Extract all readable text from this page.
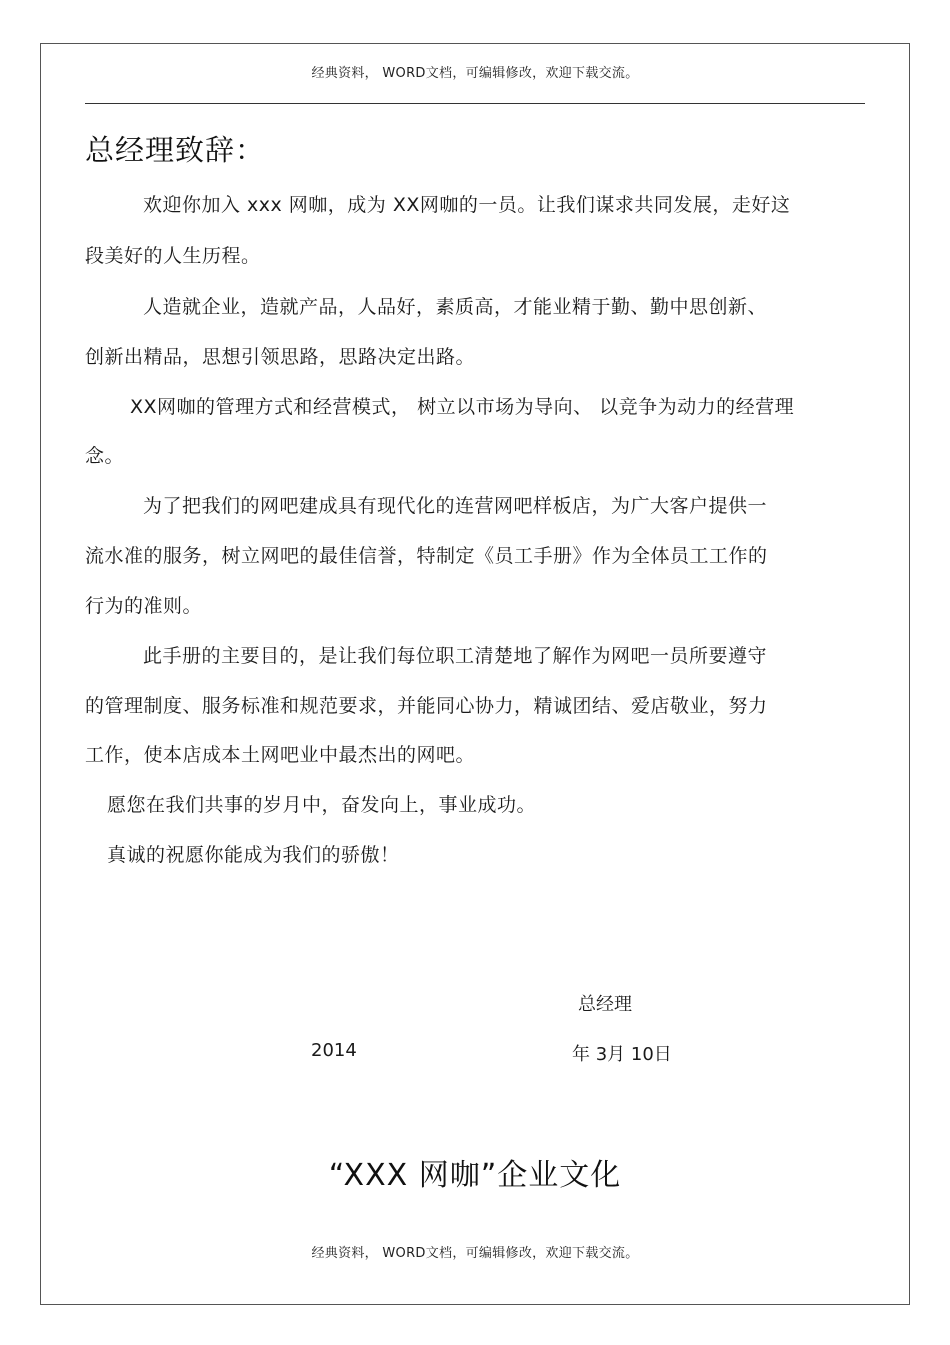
经典资料， WORD文档，可编辑修改，欢迎下载交流。
总经理致辞：
欢迎你加入 xxx 网咖，成为 XX网咖的一员。让我们谋求共同发展，走好这
段美好的人生历程。
人造就企业，造就产品，人品好，素质高，才能业精于勤、勤中思创新、
创新出精品，思想引领思路，思路决定出路。
XX网咖的管理方式和经营模式， 树立以市场为导向、 以竞争为动力的经营理
念。
为了把我们的网吧建成具有现代化的连营网吧样板店，为广大客户提供一
流水准的服务，树立网吧的最佳信誉，特制定《员工手册》作为全体员工工作的
行为的准则。
此手册的主要目的，是让我们每位职工清楚地了解作为网吧一员所要遵守
的管理制度、服务标准和规范要求，并能同心协力，精诚团结、爱店敬业，努力
工作，使本店成本土网吧业中最杰出的网吧。
愿您在我们共事的岁月中，奋发向上，事业成功。
真诚的祝愿你能成为我们的骄傲！
总经理
2014	年 3月 10日
“XXX 网咖”企业文化
经典资料， WORD文档，可编辑修改，欢迎下载交流。
